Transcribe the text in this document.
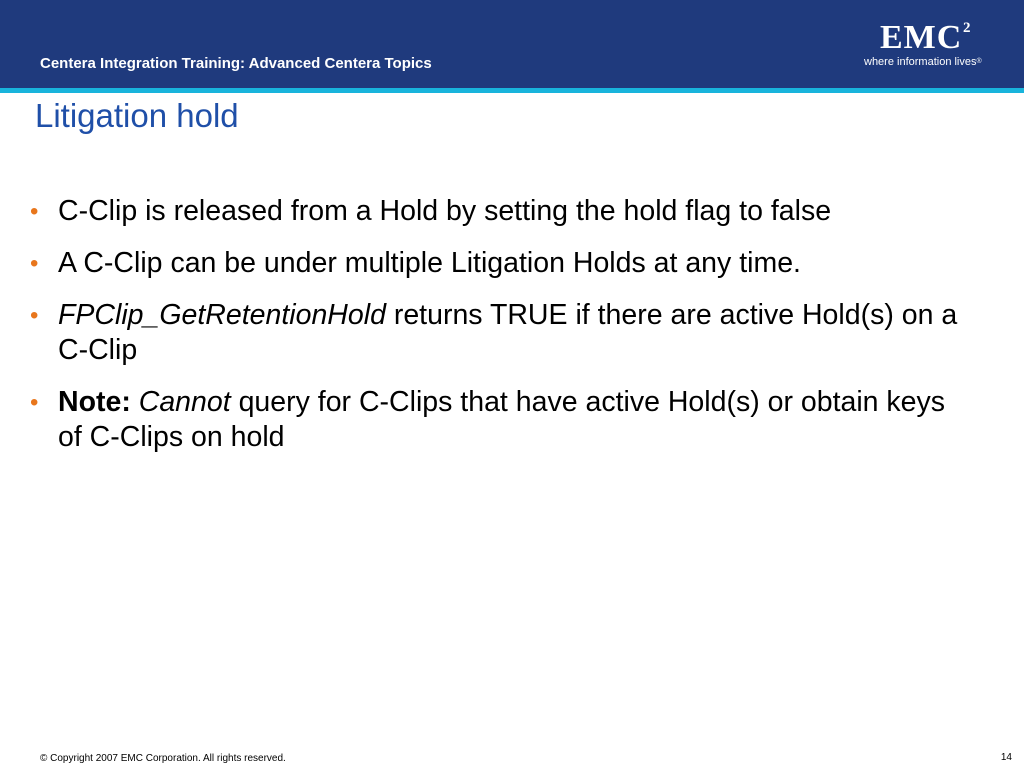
Centera Integration Training: Advanced Centera Topics
EMC 2
where information lives®
Litigation hold
• C-Clip is released from a Hold by setting the hold flag to false
• A C-Clip can be under multiple Litigation Holds at any time.
• FPClip_GetRetentionHold returns TRUE if there are active Hold(s) on a C-Clip
• Note: Cannot query for C-Clips that have active Hold(s) or obtain keys of C-Clips on hold
© Copyright 2007 EMC Corporation. All rights reserved.	14
